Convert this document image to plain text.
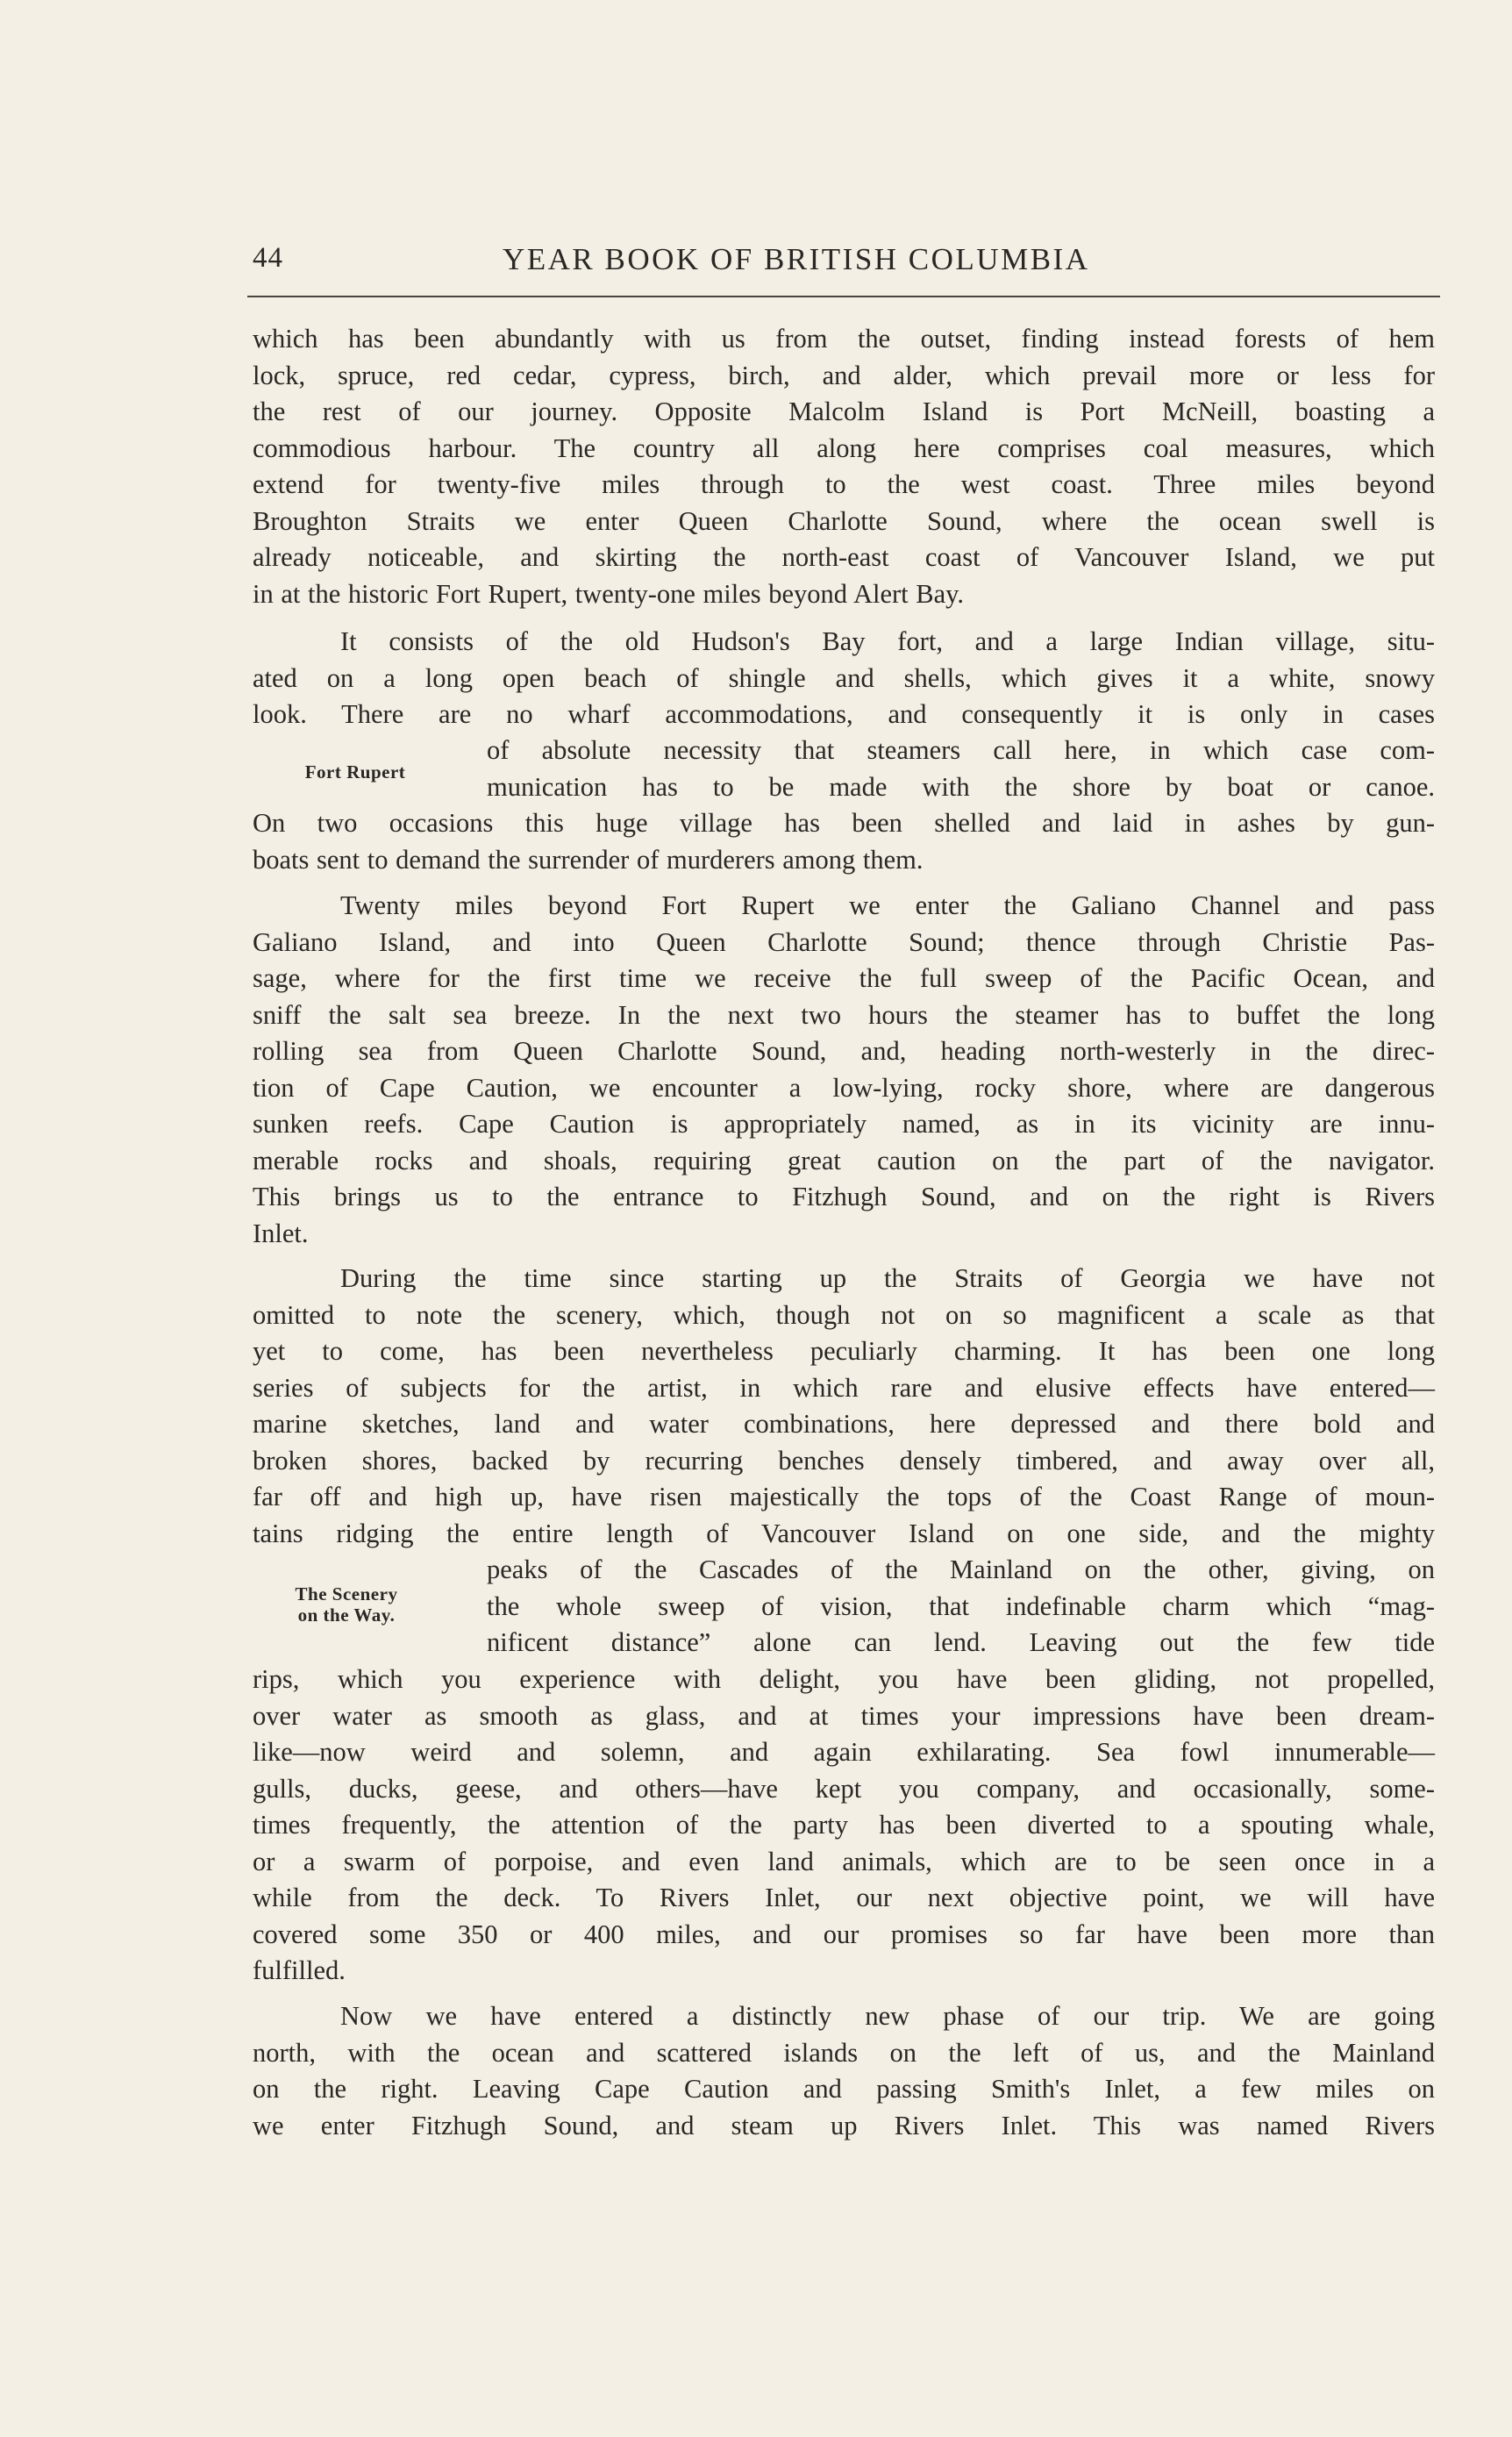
44	YEAR BOOK OF BRITISH COLUMBIA
which has been abundantly with us from the outset, finding instead forests of hem
lock, spruce, red cedar, cypress, birch, and alder, which prevail more or less for
the rest of our journey. Opposite Malcolm Island is Port McNeill, boasting a
commodious harbour. The country all along here comprises coal measures, which
extend for twenty-five miles through to the west coast. Three miles beyond
Broughton Straits we enter Queen Charlotte Sound, where the ocean swell is
already noticeable, and skirting the north-east coast of Vancouver Island, we put
in at the historic Fort Rupert, twenty-one miles beyond Alert Bay.
It consists of the old Hudson's Bay fort, and a large Indian village, situ-
ated on a long open beach of shingle and shells, which gives it a white, snowy
look. There are no wharf accommodations, and consequently it is only in cases
of absolute necessity that steamers call here, in which case com-
munication has to be made with the shore by boat or canoe.
Fort Rupert
On two occasions this huge village has been shelled and laid in ashes by gun-
boats sent to demand the surrender of murderers among them.
Twenty miles beyond Fort Rupert we enter the Galiano Channel and pass
Galiano Island, and into Queen Charlotte Sound; thence through Christie Pas-
sage, where for the first time we receive the full sweep of the Pacific Ocean, and
sniff the salt sea breeze. In the next two hours the steamer has to buffet the long
rolling sea from Queen Charlotte Sound, and, heading north-westerly in the direc-
tion of Cape Caution, we encounter a low-lying, rocky shore, where are dangerous
sunken reefs. Cape Caution is appropriately named, as in its vicinity are innu-
merable rocks and shoals, requiring great caution on the part of the navigator.
This brings us to the entrance to Fitzhugh Sound, and on the right is Rivers
Inlet.
During the time since starting up the Straits of Georgia we have not
omitted to note the scenery, which, though not on so magnificent a scale as that
yet to come, has been nevertheless peculiarly charming. It has been one long
series of subjects for the artist, in which rare and elusive effects have entered—
marine sketches, land and water combinations, here depressed and there bold and
broken shores, backed by recurring benches densely timbered, and away over all,
far off and high up, have risen majestically the tops of the Coast Range of moun-
tains ridging the entire length of Vancouver Island on one side, and the mighty
peaks of the Cascades of the Mainland on the other, giving, on
the whole sweep of vision, that indefinable charm which “mag-
nificent distance” alone can lend. Leaving out the few tide
The Scenery
on the Way.
rips, which you experience with delight, you have been gliding, not propelled,
over water as smooth as glass, and at times your impressions have been dream-
like—now weird and solemn, and again exhilarating. Sea fowl innumerable—
gulls, ducks, geese, and others—have kept you company, and occasionally, some-
times frequently, the attention of the party has been diverted to a spouting whale,
or a swarm of porpoise, and even land animals, which are to be seen once in a
while from the deck. To Rivers Inlet, our next objective point, we will have
covered some 350 or 400 miles, and our promises so far have been more than
fulfilled.
Now we have entered a distinctly new phase of our trip. We are going
north, with the ocean and scattered islands on the left of us, and the Mainland
on the right. Leaving Cape Caution and passing Smith's Inlet, a few miles on
we enter Fitzhugh Sound, and steam up Rivers Inlet. This was named Rivers
